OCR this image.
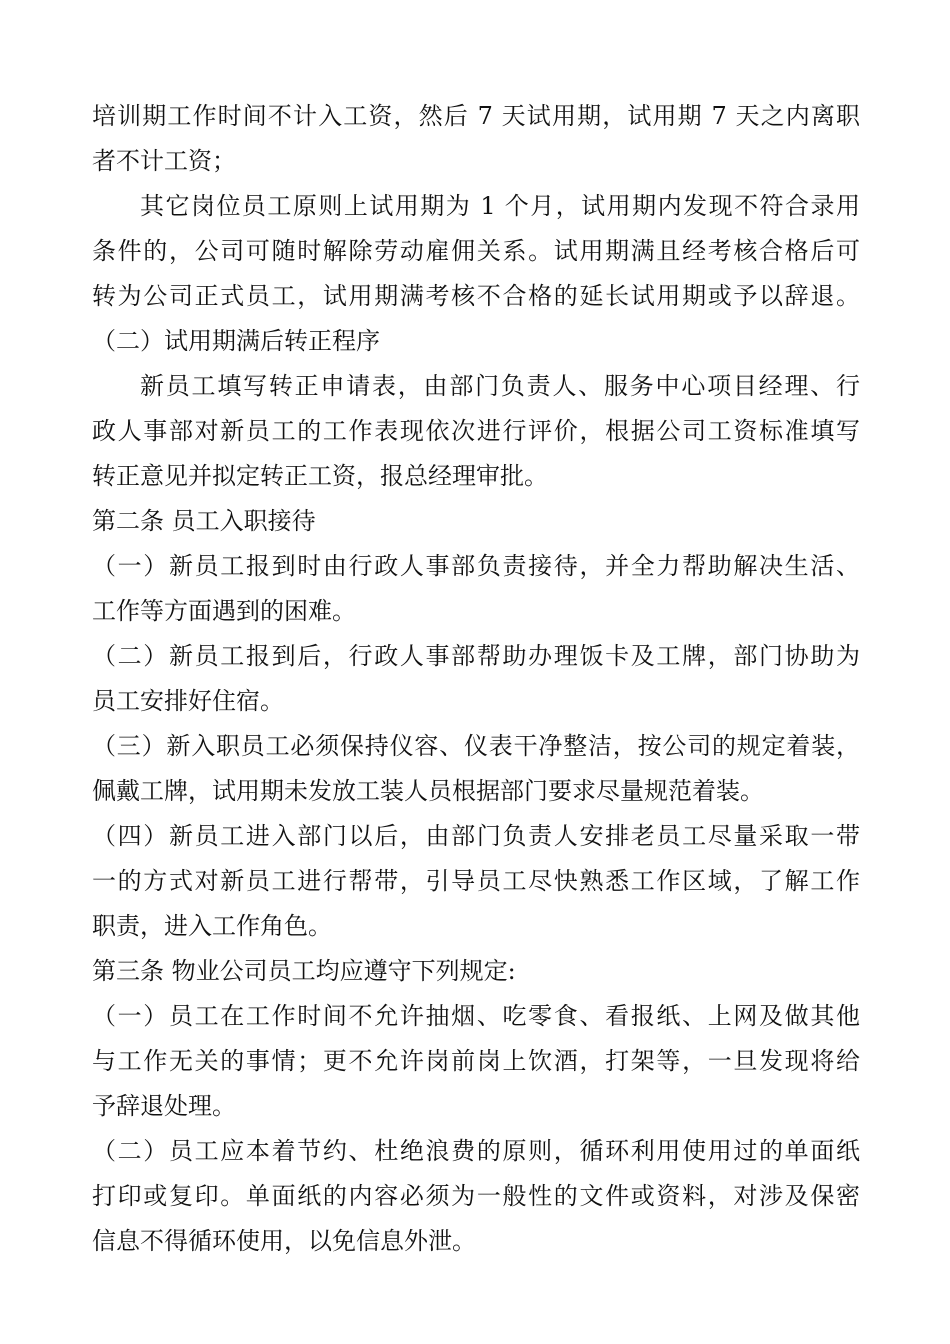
培训期工作时间不计入工资，然后 7 天试用期，试用期 7 天之内离职
者不计工资；
其它岗位员工原则上试用期为 1 个月，试用期内发现不符合录用
条件的，公司可随时解除劳动雇佣关系。试用期满且经考核合格后可
转为公司正式员工，试用期满考核不合格的延长试用期或予以辞退。
（二）试用期满后转正程序
新员工填写转正申请表，由部门负责人、服务中心项目经理、行
政人事部对新员工的工作表现依次进行评价，根据公司工资标准填写
转正意见并拟定转正工资，报总经理审批。
第二条 员工入职接待
（一）新员工报到时由行政人事部负责接待，并全力帮助解决生活、
工作等方面遇到的困难。
（二）新员工报到后，行政人事部帮助办理饭卡及工牌，部门协助为
员工安排好住宿。
（三）新入职员工必须保持仪容、仪表干净整洁，按公司的规定着装，
佩戴工牌，试用期未发放工装人员根据部门要求尽量规范着装。
（四）新员工进入部门以后，由部门负责人安排老员工尽量采取一带
一的方式对新员工进行帮带，引导员工尽快熟悉工作区域，了解工作
职责，进入工作角色。
第三条 物业公司员工均应遵守下列规定:
（一）员工在工作时间不允许抽烟、吃零食、看报纸、上网及做其他
与工作无关的事情；更不允许岗前岗上饮酒，打架等，一旦发现将给
予辞退处理。
（二）员工应本着节约、杜绝浪费的原则，循环利用使用过的单面纸
打印或复印。单面纸的内容必须为一般性的文件或资料，对涉及保密
信息不得循环使用，以免信息外泄。
